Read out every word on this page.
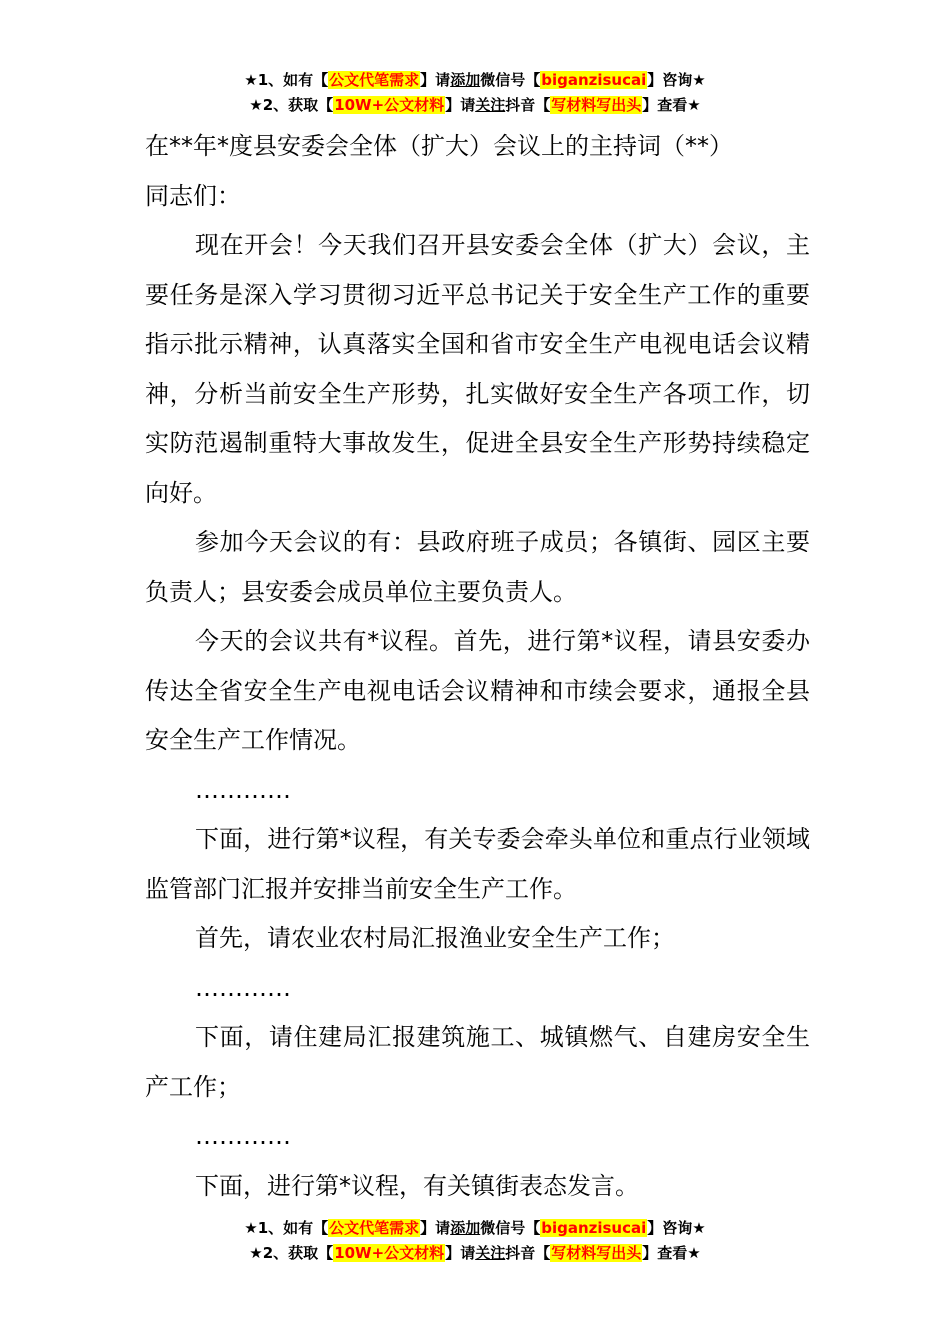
★1、如有【公文代笔需求】请添加微信号【biganzisucai】咨询★
★2、获取【10W+公文材料】请关注抖音【写材料写出头】查看★

在**年*度县安委会全体（扩大）会议上的主持词（**）

同志们：

现在开会！今天我们召开县安委会全体（扩大）会议，主要任务是深入学习贯彻习近平总书记关于安全生产工作的重要指示批示精神，认真落实全国和省市安全生产电视电话会议精神，分析当前安全生产形势，扎实做好安全生产各项工作，切实防范遏制重特大事故发生，促进全县安全生产形势持续稳定向好。

参加今天会议的有：县政府班子成员；各镇街、园区主要负责人；县安委会成员单位主要负责人。

今天的会议共有*议程。首先，进行第*议程，请县安委办传达全省安全生产电视电话会议精神和市续会要求，通报全县安全生产工作情况。

…………

下面，进行第*议程，有关专委会牵头单位和重点行业领域监管部门汇报并安排当前安全生产工作。

首先，请农业农村局汇报渔业安全生产工作；

…………

下面，请住建局汇报建筑施工、城镇燃气、自建房安全生产工作；

…………

下面，进行第*议程，有关镇街表态发言。

★1、如有【公文代笔需求】请添加微信号【biganzisucai】咨询★
★2、获取【10W+公文材料】请关注抖音【写材料写出头】查看★
